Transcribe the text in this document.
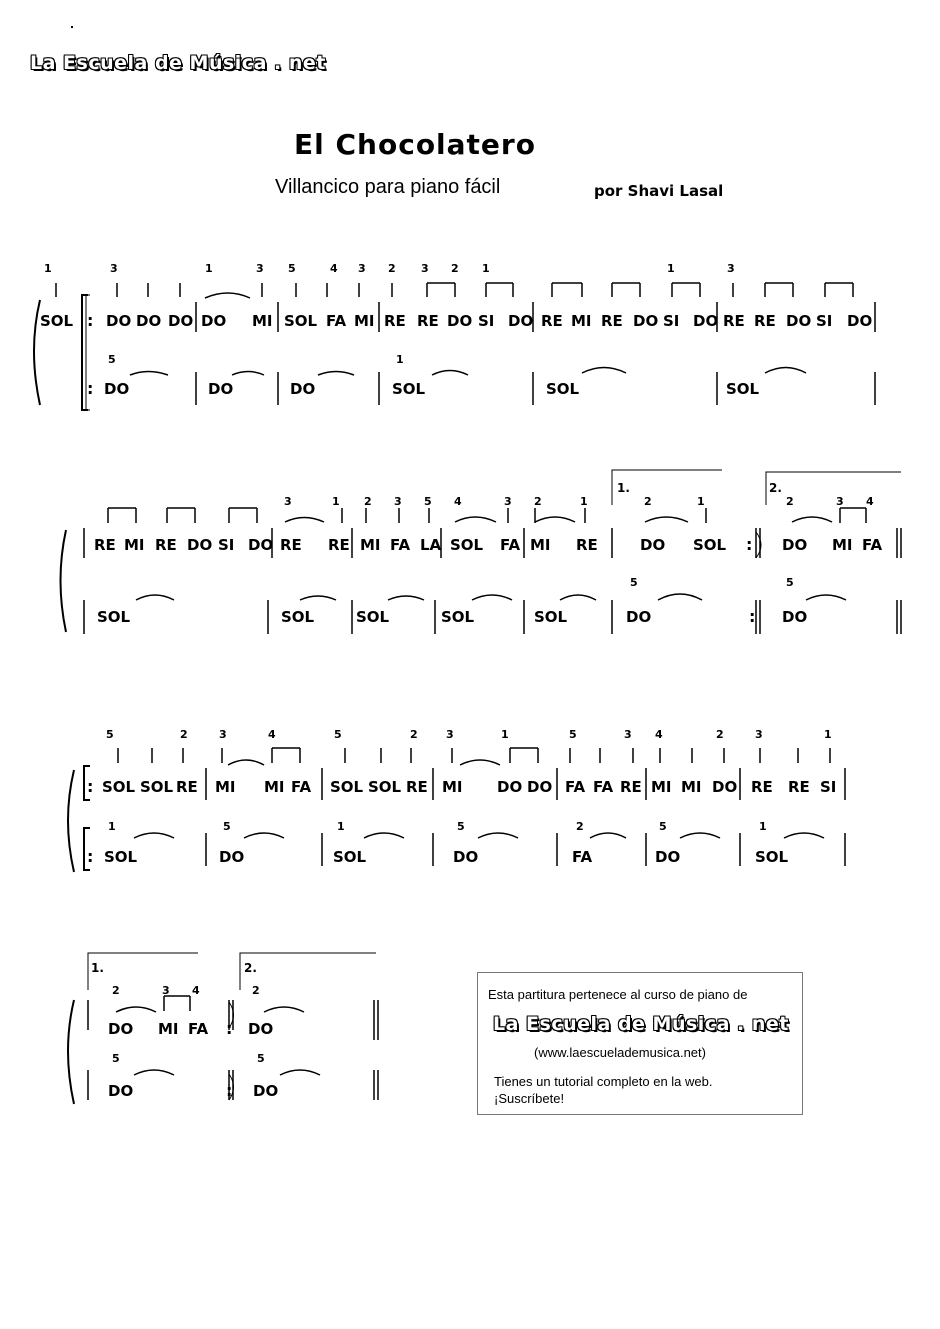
La Escuela de Música . net
El Chocolatero
Villancico para piano fácil	por Shavi Lasal
SOL
1
: DO
3
DO DO DO
1
MI
3
SOL
5
FA
4
MI
3
RE
2
RE
3
DO
2
SI
1
DO RE MI RE DO SI
1
DO RE
3
RE DO SI DO
: DO
5
DO	DO	SOL
1
SOL	SOL
RE MI RE DO SI DO RE
3
RE
1
MI
2
FA
3
LA
5
SOL
4
FA
3
MI
2
RE
1
DO
2
SOL
1
: DO
2
MI
3
FA
4
1.	2.
SOL	SOL	SOL	SOL	SOL	DO
5
: DO
5
: SOL
5
SOL RE
2
MI
3
MI
4
FA SOL
5
SOL RE
2
MI
3
DO
1
DO FA
5
FA RE
3
MI
4
MI DO
2
RE
3
RE SI
1
: SOL
1
DO
5
SOL
1
DO
5
FA
2
DO
5
SOL
1
DO
2
MI
3
FA
4
: DO
2
1.	2.
DO
5
: DO
5
Esta partitura pertenece al curso de piano de
(www.laescuelademusica.net)
Tienes un tutorial completo en la web.
¡Suscríbete!
La Escuela de Música . net
